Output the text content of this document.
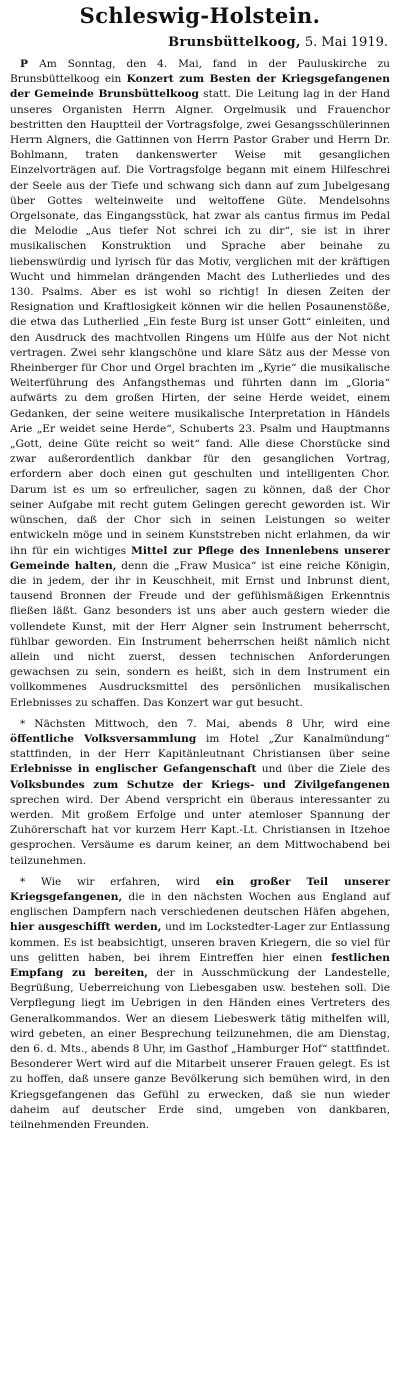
Schleswig-Holstein.
Brunsbüttelkoog, 5. Mai 1919.

P Am Sonntag, den 4. Mai, fand in der Pauluskirche zu Brunsbüttelkoog ein Konzert zum Besten der Kriegsgefangenen der Gemeinde Brunsbüttelkoog statt. Die Leitung lag in der Hand unseres Organisten Herrn Algner. Orgelmusik und Frauenchor bestritten den Hauptteil der Vortragsfolge, zwei Gesangsschülerinnen Herrn Algners, die Gattinnen von Herrn Pastor Graber und Herrn Dr. Bohlmann, traten dankenswerter Weise mit gesanglichen Einzelvorträgen auf. Die Vortragsfolge begann mit einem Hilfeschrei der Seele aus der Tiefe und schwang sich dann auf zum Jubelgesang über Gottes welteinweite und weltoffene Güte. Mendelsohns Orgelsonate, das Eingangsstück, hat zwar als cantus firmus im Pedal die Melodie „Aus tiefer Not schrei ich zu dir“, sie ist in ihrer musikalischen Konstruktion und Sprache aber beinahe zu liebenswürdig und lyrisch für das Motiv, verglichen mit der kräftigen Wucht und himmelan drängenden Macht des Lutherliedes und des 130. Psalms. Aber es ist wohl so richtig! In diesen Zeiten der Resignation und Kraftlosigkeit können wir die hellen Posaunenstöße, die etwa das Lutherlied „Ein feste Burg ist unser Gott“ einleiten, und den Ausdruck des machtvollen Ringens um Hülfe aus der Not nicht vertragen. Zwei sehr klangschöne und klare Sätz aus der Messe von Rheinberger für Chor und Orgel brachten im „Kyrie“ die musikalische Weiterführung des Anfangsthemas und führten dann im „Gloria“ aufwärts zu dem großen Hirten, der seine Herde weidet, einem Gedanken, der seine weitere musikalische Interpretation in Händels Arie „Er weidet seine Herde“, Schuberts 23. Psalm und Hauptmanns „Gott, deine Güte reicht so weit“ fand. Alle diese Chorstücke sind zwar außerordentlich dankbar für den gesanglichen Vortrag, erfordern aber doch einen gut geschulten und intelligenten Chor. Darum ist es um so erfreulicher, sagen zu können, daß der Chor seiner Aufgabe mit recht gutem Gelingen gerecht geworden ist. Wir wünschen, daß der Chor sich in seinen Leistungen so weiter entwickeln möge und in seinem Kunststreben nicht erlahmen, da wir ihn für ein wichtiges Mittel zur Pflege des Innenlebens unserer Gemeinde halten, denn die „Fraw Musica“ ist eine reiche Königin, die in jedem, der ihr in Keuschheit, mit Ernst und Inbrunst dient, tausend Bronnen der Freude und der gefühlsmäßigen Erkenntnis fließen läßt. Ganz besonders ist uns aber auch gestern wieder die vollendete Kunst, mit der Herr Algner sein Instrument beherrscht, fühlbar geworden. Ein Instrument beherrschen heißt nämlich nicht allein und nicht zuerst, dessen technischen Anforderungen gewachsen zu sein, sondern es heißt, sich in dem Instrument ein vollkommenes Ausdrucksmittel des persönlichen musikalischen Erlebnisses zu schaffen. Das Konzert war gut besucht.

* Nächsten Mittwoch, den 7. Mai, abends 8 Uhr, wird eine öffentliche Volksversammlung im Hotel „Zur Kanalmündung“ stattfinden, in der Herr Kapitänleutnant Christiansen über seine Erlebnisse in englischer Gefangenschaft und über die Ziele des Volksbundes zum Schutze der Kriegs- und Zivilgefangenen sprechen wird. Der Abend verspricht ein überaus interessanter zu werden. Mit großem Erfolge und unter atemloser Spannung der Zuhörerschaft hat vor kurzem Herr Kapt.-Lt. Christiansen in Itzehoe gesprochen. Versäume es darum keiner, an dem Mittwochabend bei teilzunehmen.

* Wie wir erfahren, wird ein großer Teil unserer Kriegsgefangenen, die in den nächsten Wochen aus England auf englischen Dampfern nach verschiedenen deutschen Häfen abgehen, hier ausgeschifft werden, und im Lockstedter-Lager zur Entlassung kommen. Es ist beabsichtigt, unseren braven Kriegern, die so viel für uns gelitten haben, bei ihrem Eintreffen hier einen festlichen Empfang zu bereiten, der in Ausschmückung der Landestelle, Begrüßung, Ueberreichung von Liebesgaben usw. bestehen soll. Die Verpflegung liegt im Uebrigen in den Händen eines Vertreters des Generalkommandos. Wer an diesem Liebeswerk tätig mithelfen will, wird gebeten, an einer Besprechung teilzunehmen, die am Dienstag, den 6. d. Mts., abends 8 Uhr, im Gasthof „Hamburger Hof“ stattfindet. Besonderer Wert wird auf die Mitarbeit unserer Frauen gelegt. Es ist zu hoffen, daß unsere ganze Bevölkerung sich bemühen wird, in den Kriegsgefangenen das Gefühl zu erwecken, daß sie nun wieder daheim auf deutscher Erde sind, umgeben von dankbaren, teilnehmenden Freunden.
